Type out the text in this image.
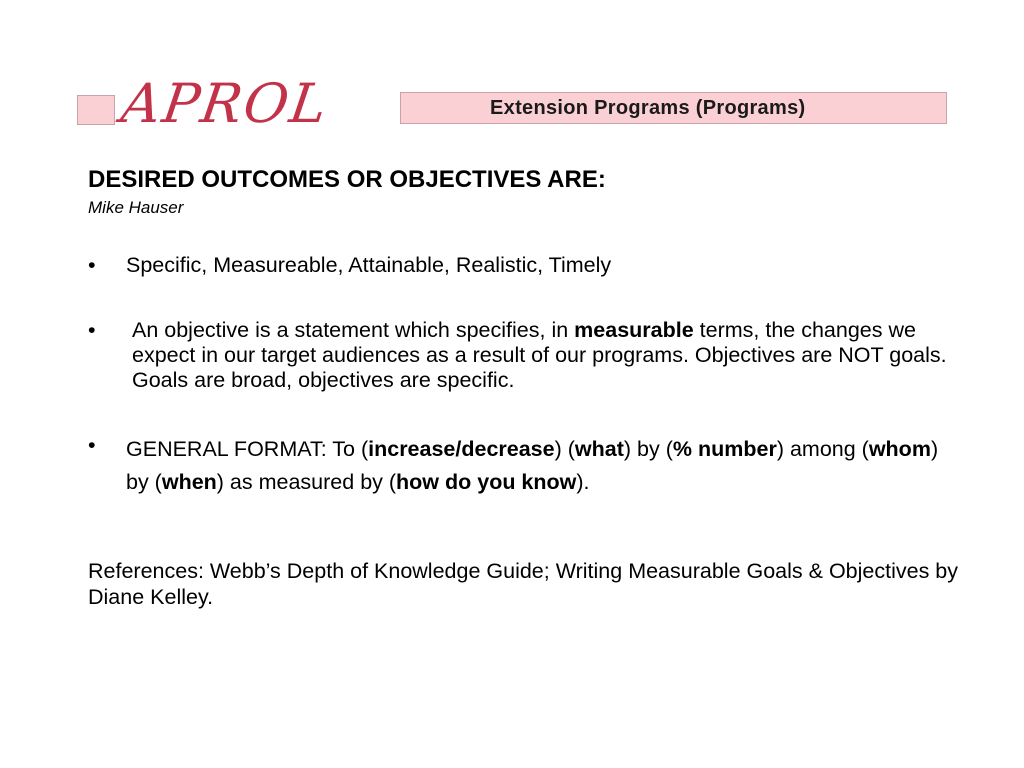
APROL	Extension Programs (Programs)
DESIRED OUTCOMES OR OBJECTIVES ARE:
Mike Hauser
• Specific, Measureable, Attainable, Realistic, Timely
• An objective is a statement which specifies, in measurable terms, the changes we expect in our target audiences as a result of our programs. Objectives are NOT goals. Goals are broad, objectives are specific.
• GENERAL FORMAT: To (increase/decrease) (what) by (% number) among (whom) by (when) as measured by (how do you know).
References: Webb’s Depth of Knowledge Guide; Writing Measurable Goals & Objectives by Diane Kelley.
